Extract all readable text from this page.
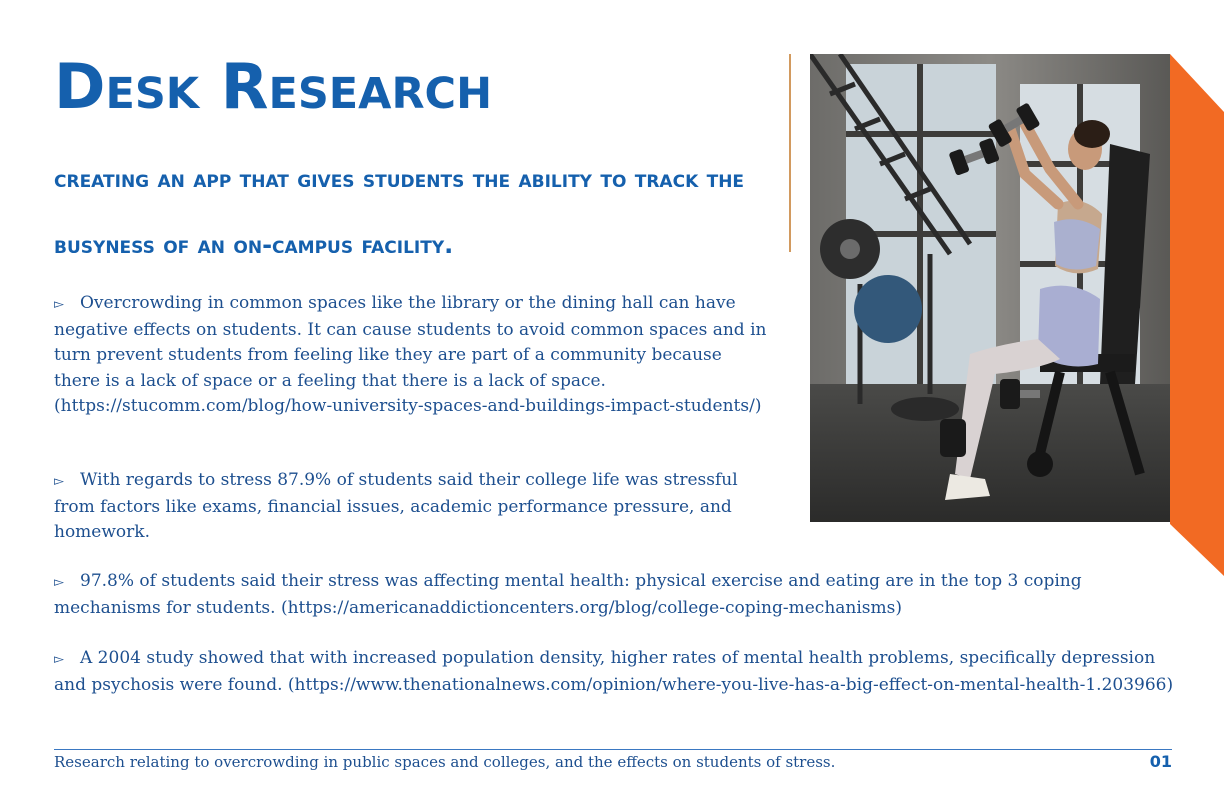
Desk Research
creating an app that gives students the ability to track the busyness of an on-campus facility.

▻ Overcrowding in common spaces like the library or the dining hall can have negative effects on students. It can cause students to avoid common spaces and in turn prevent students from feeling like they are part of a community because there is a lack of space or a feeling that there is a lack of space. (https://stucomm.com/blog/how-university-spaces-and-buildings-impact-students/)

▻ With regards to stress 87.9% of students said their college life was stressful from factors like exams, financial issues, academic performance pressure, and homework.

▻ 97.8% of students said their stress was affecting mental health: physical exercise and eating are in the top 3 coping mechanisms for students. (https://americanaddictioncenters.org/blog/college-coping-mechanisms)

▻ A 2004 study showed that with increased population density, higher rates of mental health problems, specifically depression and psychosis were found. (https://www.thenationalnews.com/opinion/where-you-live-has-a-big-effect-on-mental-health-1.203966)

Research relating to overcrowding in public spaces and colleges, and the effects on students of stress.	01
